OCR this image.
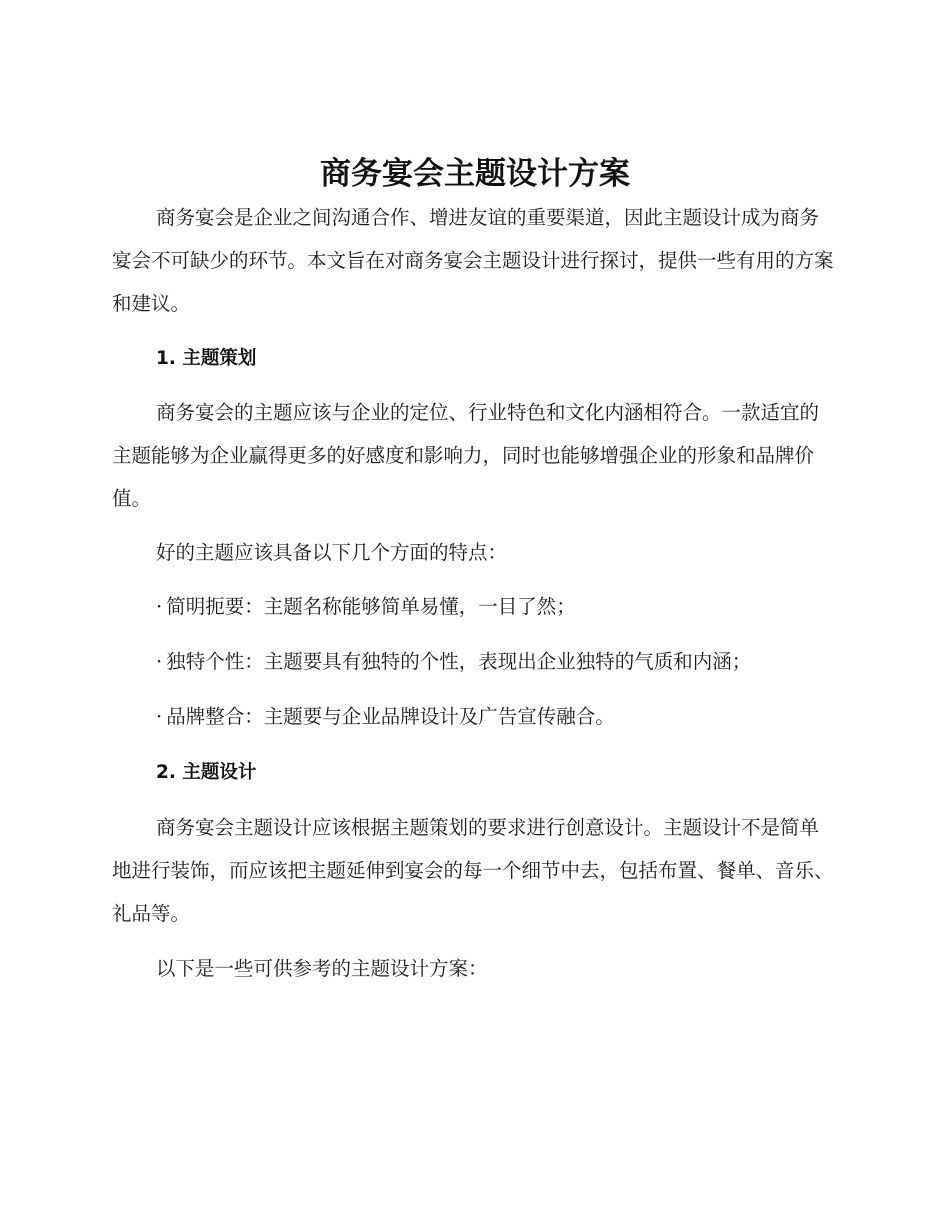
商务宴会主题设计方案

商务宴会是企业之间沟通合作、增进友谊的重要渠道，因此主题设计成为商务宴会不可缺少的环节。本文旨在对商务宴会主题设计进行探讨，提供一些有用的方案和建议。

1. 主题策划

商务宴会的主题应该与企业的定位、行业特色和文化内涵相符合。一款适宜的主题能够为企业赢得更多的好感度和影响力，同时也能够增强企业的形象和品牌价值。

好的主题应该具备以下几个方面的特点：
· 简明扼要：主题名称能够简单易懂，一目了然；
· 独特个性：主题要具有独特的个性，表现出企业独特的气质和内涵；
· 品牌整合：主题要与企业品牌设计及广告宣传融合。
2. 主题设计

商务宴会主题设计应该根据主题策划的要求进行创意设计。主题设计不是简单地进行装饰，而应该把主题延伸到宴会的每一个细节中去，包括布置、餐单、音乐、礼品等。

以下是一些可供参考的主题设计方案：
